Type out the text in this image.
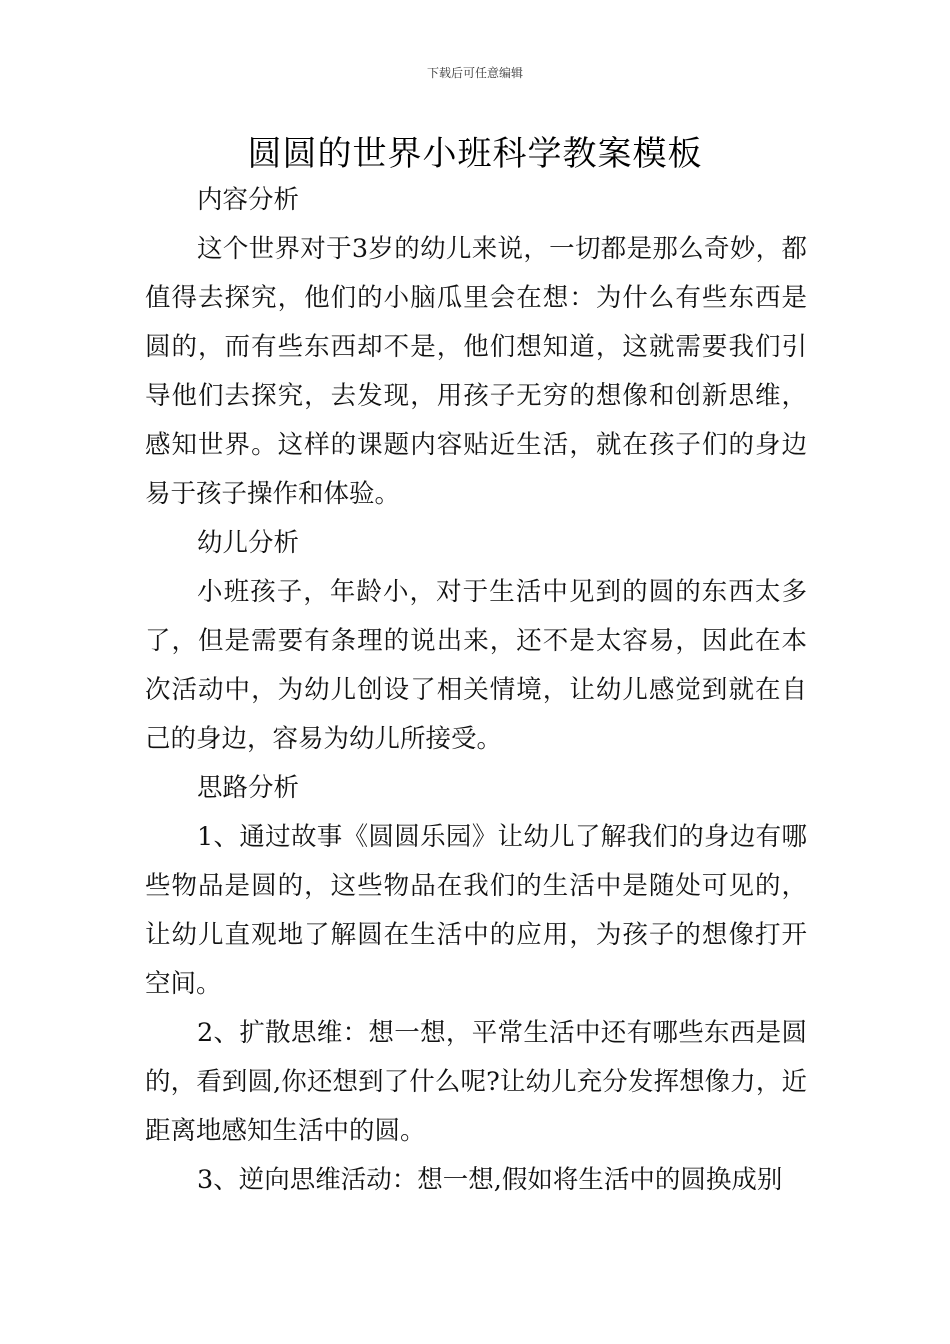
下载后可任意编辑
圆圆的世界小班科学教案模板

内容分析

这个世界对于3岁的幼儿来说，一切都是那么奇妙，都值得去探究，他们的小脑瓜里会在想：为什么有些东西是圆的，而有些东西却不是，他们想知道，这就需要我们引导他们去探究，去发现，用孩子无穷的想像和创新思维，感知世界。这样的课题内容贴近生活，就在孩子们的身边易于孩子操作和体验。

幼儿分析

小班孩子，年龄小，对于生活中见到的圆的东西太多了，但是需要有条理的说出来，还不是太容易，因此在本次活动中，为幼儿创设了相关情境，让幼儿感觉到就在自己的身边，容易为幼儿所接受。

思路分析

1、通过故事《圆圆乐园》让幼儿了解我们的身边有哪些物品是圆的，这些物品在我们的生活中是随处可见的，让幼儿直观地了解圆在生活中的应用，为孩子的想像打开空间。

2、扩散思维：想一想，平常生活中还有哪些东西是圆的，看到圆,你还想到了什么呢?让幼儿充分发挥想像力，近距离地感知生活中的圆。

3、逆向思维活动：想一想,假如将生活中的圆换成别
